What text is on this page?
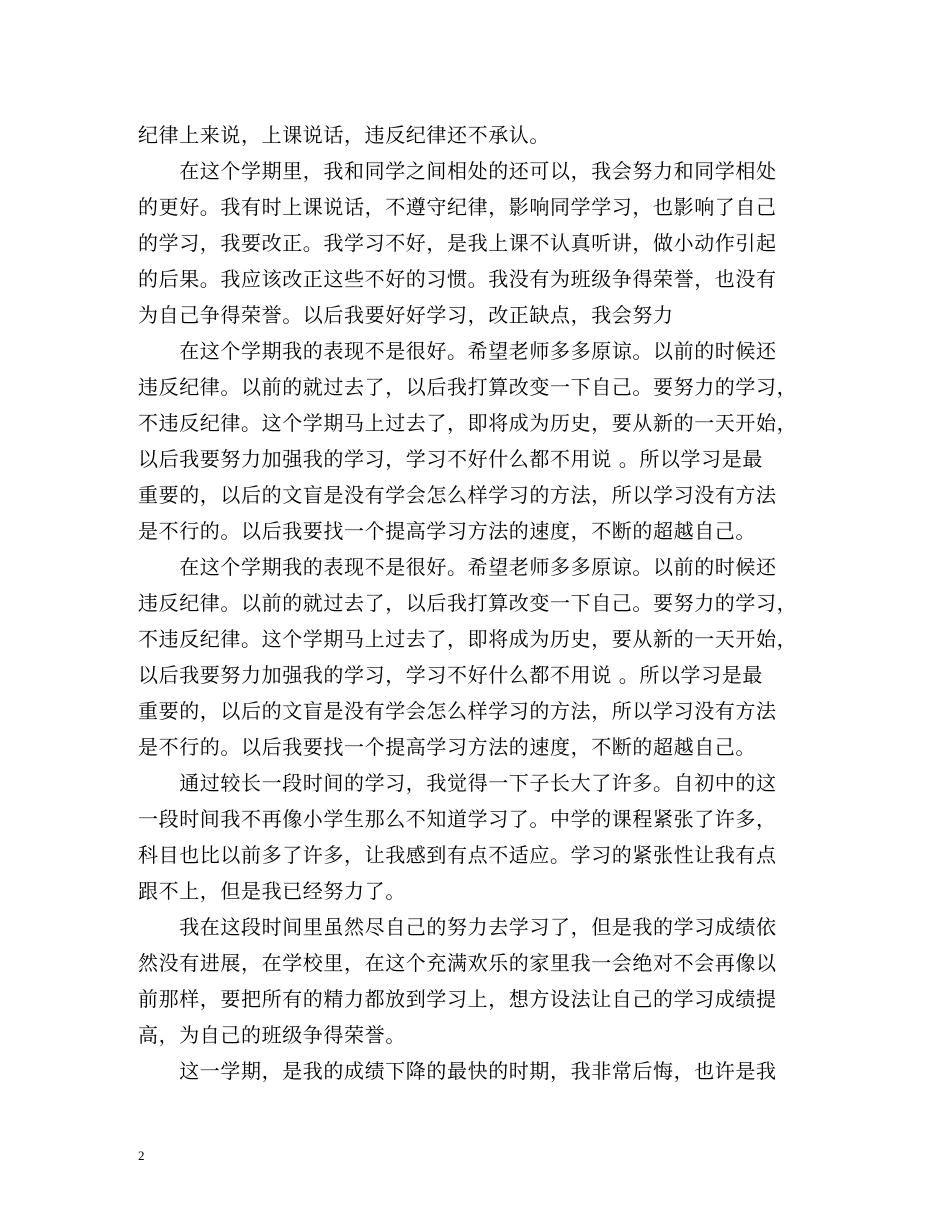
纪律上来说，上课说话，违反纪律还不承认。
　　在这个学期里，我和同学之间相处的还可以，我会努力和同学相处
的更好。我有时上课说话，不遵守纪律，影响同学学习，也影响了自己
的学习，我要改正。我学习不好，是我上课不认真听讲，做小动作引起
的后果。我应该改正这些不好的习惯。我没有为班级争得荣誉，也没有
为自己争得荣誉。以后我要好好学习，改正缺点，我会努力
　　在这个学期我的表现不是很好。希望老师多多原谅。以前的时候还
违反纪律。以前的就过去了，以后我打算改变一下自己。要努力的学习，
不违反纪律。这个学期马上过去了，即将成为历史，要从新的一天开始，
以后我要努力加强我的学习，学习不好什么都不用说 。所以学习是最
重要的，以后的文盲是没有学会怎么样学习的方法，所以学习没有方法
是不行的。以后我要找一个提高学习方法的速度，不断的超越自己。
　　在这个学期我的表现不是很好。希望老师多多原谅。以前的时候还
违反纪律。以前的就过去了，以后我打算改变一下自己。要努力的学习，
不违反纪律。这个学期马上过去了，即将成为历史，要从新的一天开始，
以后我要努力加强我的学习，学习不好什么都不用说 。所以学习是最
重要的，以后的文盲是没有学会怎么样学习的方法，所以学习没有方法
是不行的。以后我要找一个提高学习方法的速度，不断的超越自己。
　　通过较长一段时间的学习，我觉得一下子长大了许多。自初中的这
一段时间我不再像小学生那么不知道学习了。中学的课程紧张了许多，
科目也比以前多了许多，让我感到有点不适应。学习的紧张性让我有点
跟不上，但是我已经努力了。
　　我在这段时间里虽然尽自己的努力去学习了，但是我的学习成绩依
然没有进展，在学校里，在这个充满欢乐的家里我一会绝对不会再像以
前那样，要把所有的精力都放到学习上，想方设法让自己的学习成绩提
高，为自己的班级争得荣誉。
　　这一学期，是我的成绩下降的最快的时期，我非常后悔，也许是我
2
